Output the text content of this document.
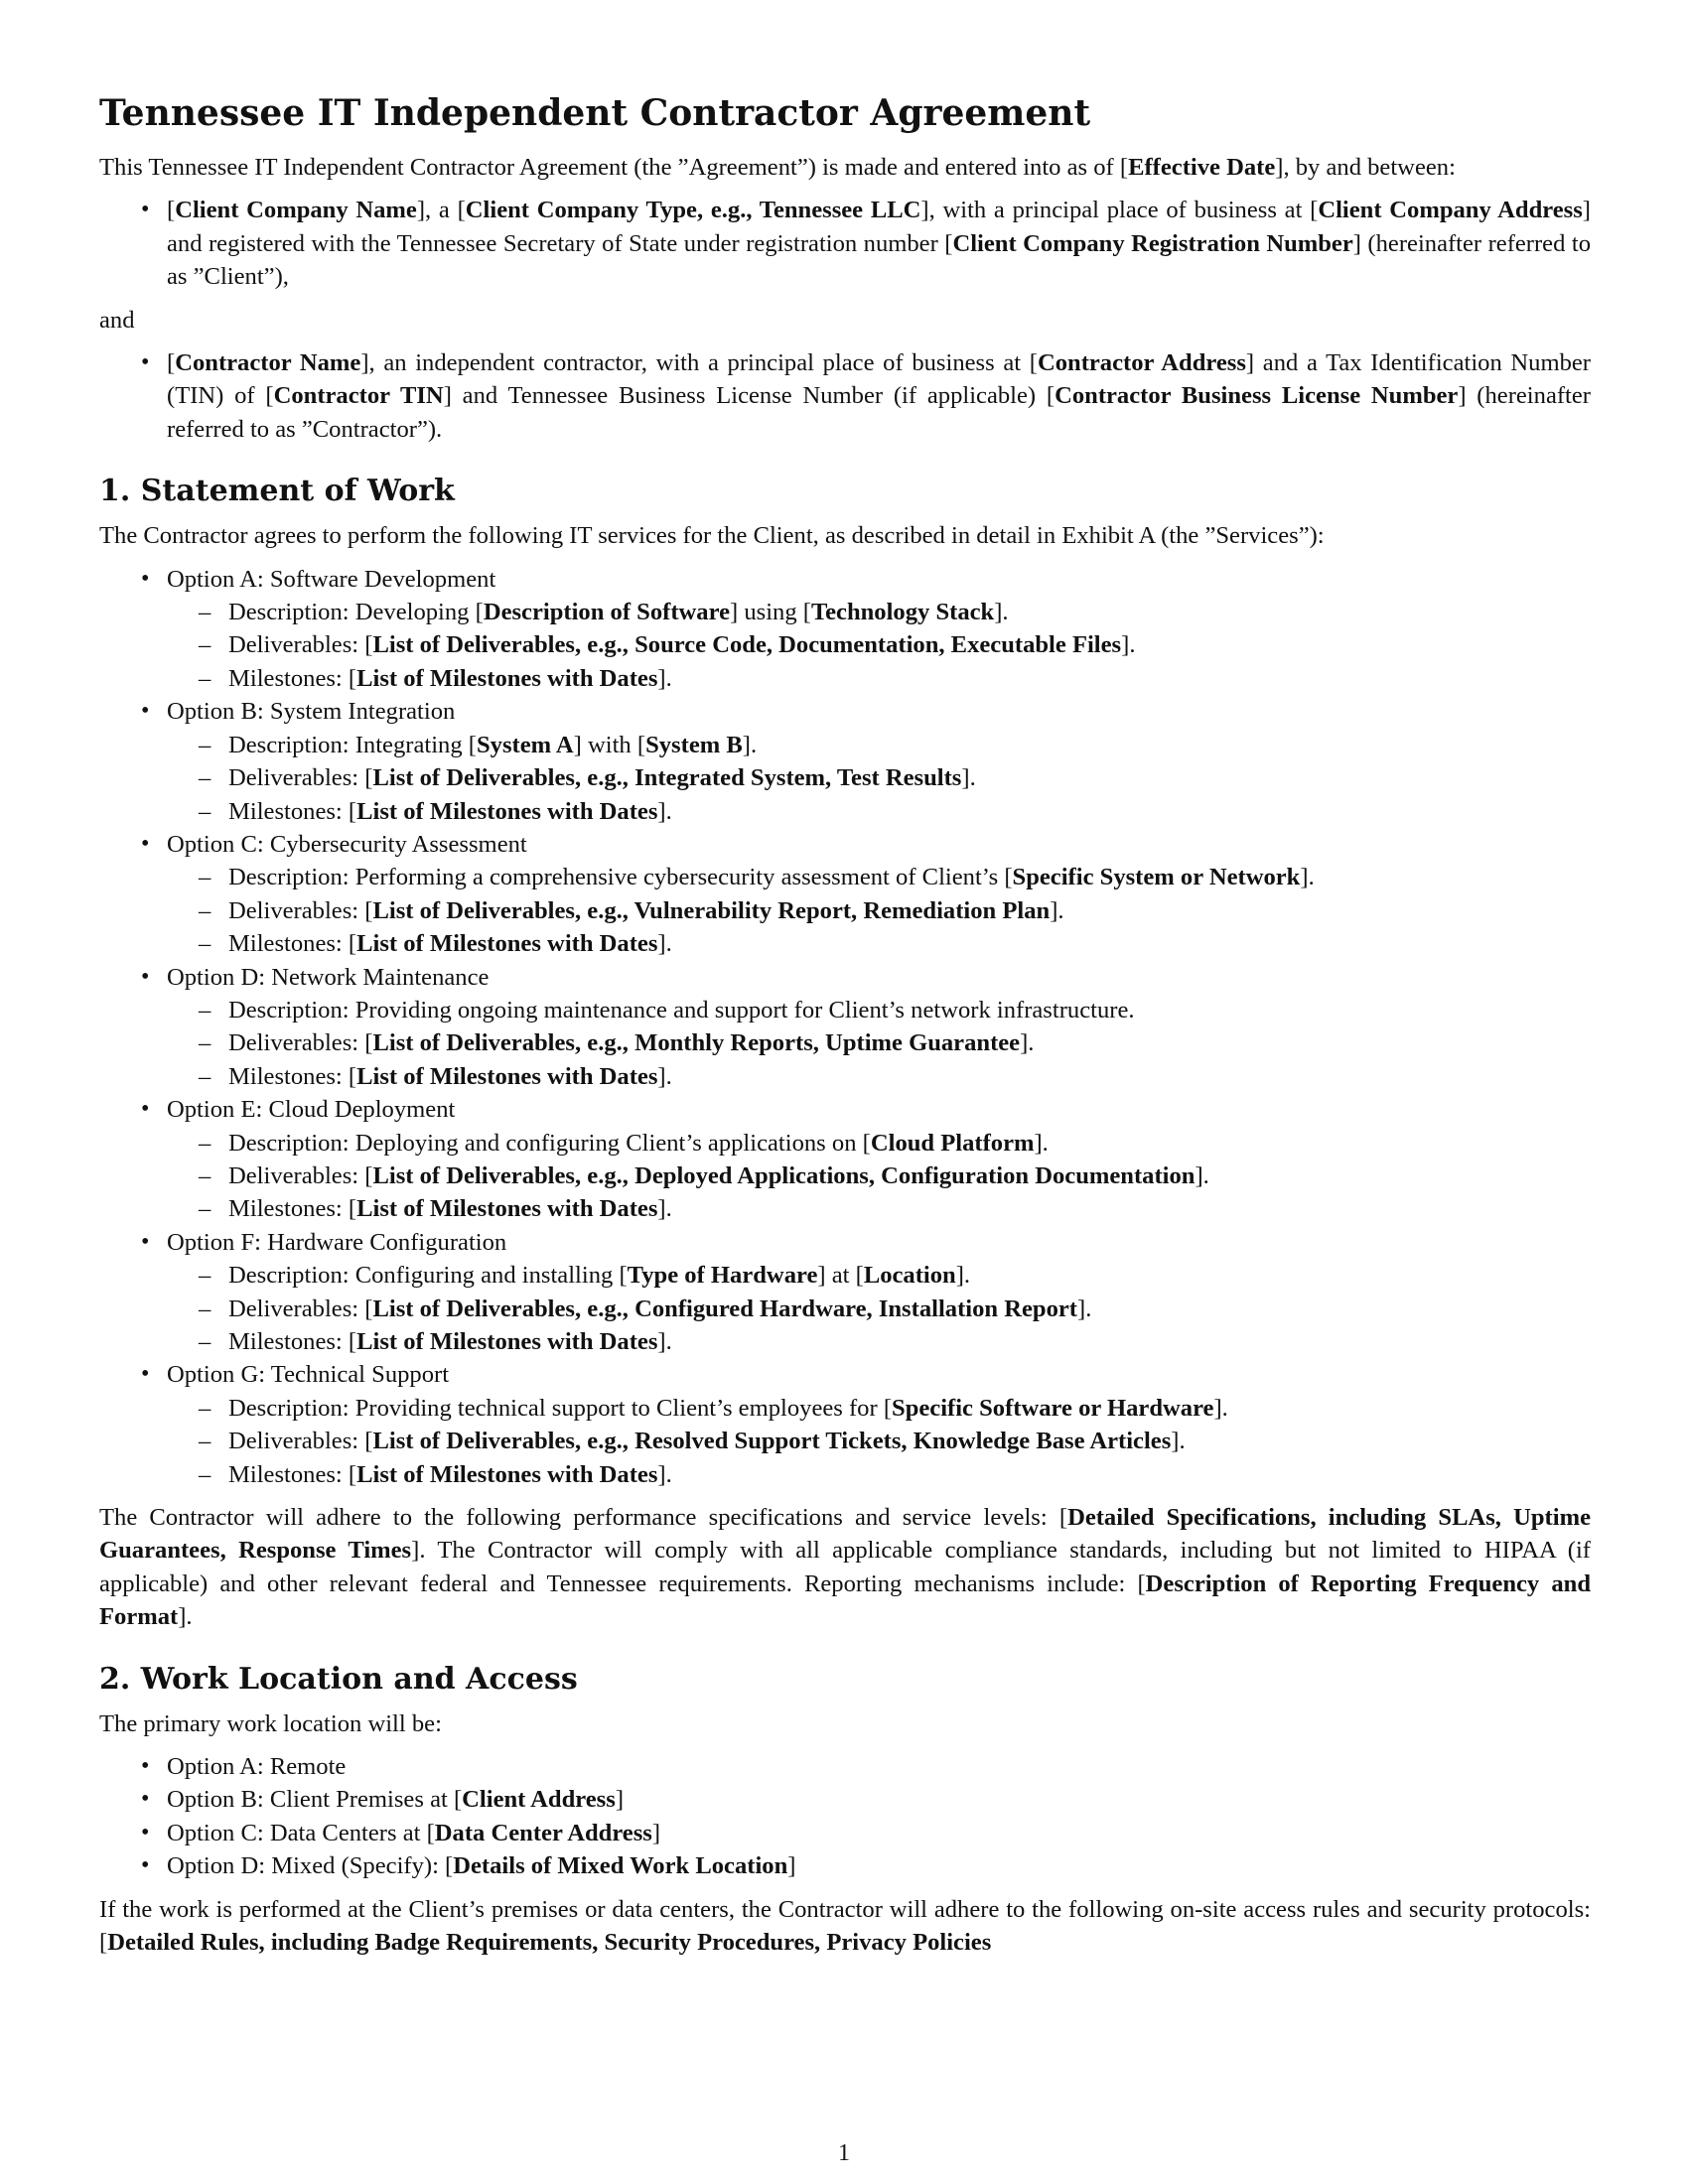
Tennessee IT Independent Contractor Agreement

This Tennessee IT Independent Contractor Agreement (the ”Agreement”) is made and entered into as of [Effective Date], by and between:

• [Client Company Name], a [Client Company Type, e.g., Tennessee LLC], with a principal place of business at [Client Company Address] and registered with the Tennessee Secretary of State under registration number [Client Company Registration Number] (hereinafter referred to as ”Client”),

and

• [Contractor Name], an independent contractor, with a principal place of business at [Contractor Address] and a Tax Identification Number (TIN) of [Contractor TIN] and Tennessee Business License Number (if applicable) [Contractor Business License Number] (hereinafter referred to as ”Contractor”).
1. Statement of Work

The Contractor agrees to perform the following IT services for the Client, as described in detail in Exhibit A (the ”Services”):

• Option A: Software Development
– Description: Developing [Description of Software] using [Technology Stack].
– Deliverables: [List of Deliverables, e.g., Source Code, Documentation, Executable Files].
– Milestones: [List of Milestones with Dates].
• Option B: System Integration
– Description: Integrating [System A] with [System B].
– Deliverables: [List of Deliverables, e.g., Integrated System, Test Results].
– Milestones: [List of Milestones with Dates].
• Option C: Cybersecurity Assessment
– Description: Performing a comprehensive cybersecurity assessment of Client’s [Specific System or Network].
– Deliverables: [List of Deliverables, e.g., Vulnerability Report, Remediation Plan].
– Milestones: [List of Milestones with Dates].
• Option D: Network Maintenance
– Description: Providing ongoing maintenance and support for Client’s network infrastructure.
– Deliverables: [List of Deliverables, e.g., Monthly Reports, Uptime Guarantee].
– Milestones: [List of Milestones with Dates].
• Option E: Cloud Deployment
– Description: Deploying and configuring Client’s applications on [Cloud Platform].
– Deliverables: [List of Deliverables, e.g., Deployed Applications, Configuration Documentation].
– Milestones: [List of Milestones with Dates].
• Option F: Hardware Configuration
– Description: Configuring and installing [Type of Hardware] at [Location].
– Deliverables: [List of Deliverables, e.g., Configured Hardware, Installation Report].
– Milestones: [List of Milestones with Dates].
• Option G: Technical Support
– Description: Providing technical support to Client’s employees for [Specific Software or Hardware].
– Deliverables: [List of Deliverables, e.g., Resolved Support Tickets, Knowledge Base Articles].
– Milestones: [List of Milestones with Dates].

The Contractor will adhere to the following performance specifications and service levels: [Detailed Specifications, including SLAs, Uptime Guarantees, Response Times]. The Contractor will comply with all applicable compliance standards, including but not limited to HIPAA (if applicable) and other relevant federal and Tennessee requirements. Reporting mechanisms include: [Description of Reporting Frequency and Format].

2. Work Location and Access

The primary work location will be:

• Option A: Remote
• Option B: Client Premises at [Client Address]
• Option C: Data Centers at [Data Center Address]
• Option D: Mixed (Specify): [Details of Mixed Work Location]

If the work is performed at the Client’s premises or data centers, the Contractor will adhere to the following on-site access rules and security protocols: [Detailed Rules, including Badge Requirements, Security Procedures, Privacy Policies

1
